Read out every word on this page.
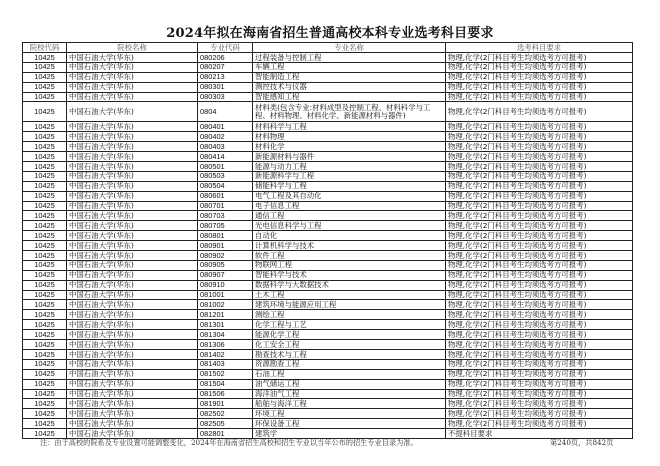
2024年拟在海南省招生普通高校本科专业选考科目要求
院校代码	院校名称	专业代码	专业名称	选考科目要求
10425	中国石油大学(华东)	080206	过程装备与控制工程	物理,化学(2门科目考生均须选考方可报考)
10425	中国石油大学(华东)	080207	车辆工程	物理,化学(2门科目考生均须选考方可报考)
10425	中国石油大学(华东)	080213	智能制造工程	物理,化学(2门科目考生均须选考方可报考)
10425	中国石油大学(华东)	080301	测控技术与仪器	物理,化学(2门科目考生均须选考方可报考)
10425	中国石油大学(华东)	080303	智能感知工程	物理,化学(2门科目考生均须选考方可报考)
10425	中国石油大学(华东)	0804	材料类(包含专业:材料成型及控制工程、材料科学与工程、材料物理、材料化学、新能源材料与器件)	物理,化学(2门科目考生均须选考方可报考)
10425	中国石油大学(华东)	080401	材料科学与工程	物理,化学(2门科目考生均须选考方可报考)
10425	中国石油大学(华东)	080402	材料物理	物理,化学(2门科目考生均须选考方可报考)
10425	中国石油大学(华东)	080403	材料化学	物理,化学(2门科目考生均须选考方可报考)
10425	中国石油大学(华东)	080414	新能源材料与器件	物理,化学(2门科目考生均须选考方可报考)
10425	中国石油大学(华东)	080501	能源与动力工程	物理,化学(2门科目考生均须选考方可报考)
10425	中国石油大学(华东)	080503	新能源科学与工程	物理,化学(2门科目考生均须选考方可报考)
10425	中国石油大学(华东)	080504	储能科学与工程	物理,化学(2门科目考生均须选考方可报考)
10425	中国石油大学(华东)	080601	电气工程及其自动化	物理,化学(2门科目考生均须选考方可报考)
10425	中国石油大学(华东)	080701	电子信息工程	物理,化学(2门科目考生均须选考方可报考)
10425	中国石油大学(华东)	080703	通信工程	物理,化学(2门科目考生均须选考方可报考)
10425	中国石油大学(华东)	080705	光电信息科学与工程	物理,化学(2门科目考生均须选考方可报考)
10425	中国石油大学(华东)	080801	自动化	物理,化学(2门科目考生均须选考方可报考)
10425	中国石油大学(华东)	080901	计算机科学与技术	物理,化学(2门科目考生均须选考方可报考)
10425	中国石油大学(华东)	080902	软件工程	物理,化学(2门科目考生均须选考方可报考)
10425	中国石油大学(华东)	080905	物联网工程	物理,化学(2门科目考生均须选考方可报考)
10425	中国石油大学(华东)	080907	智能科学与技术	物理,化学(2门科目考生均须选考方可报考)
10425	中国石油大学(华东)	080910	数据科学与大数据技术	物理,化学(2门科目考生均须选考方可报考)
10425	中国石油大学(华东)	081001	土木工程	物理,化学(2门科目考生均须选考方可报考)
10425	中国石油大学(华东)	081002	建筑环境与能源应用工程	物理,化学(2门科目考生均须选考方可报考)
10425	中国石油大学(华东)	081201	测绘工程	物理,化学(2门科目考生均须选考方可报考)
10425	中国石油大学(华东)	081301	化学工程与工艺	物理,化学(2门科目考生均须选考方可报考)
10425	中国石油大学(华东)	081304	能源化学工程	物理,化学(2门科目考生均须选考方可报考)
10425	中国石油大学(华东)	081306	化工安全工程	物理,化学(2门科目考生均须选考方可报考)
10425	中国石油大学(华东)	081402	勘查技术与工程	物理,化学(2门科目考生均须选考方可报考)
10425	中国石油大学(华东)	081403	资源勘查工程	物理,化学(2门科目考生均须选考方可报考)
10425	中国石油大学(华东)	081502	石油工程	物理,化学(2门科目考生均须选考方可报考)
10425	中国石油大学(华东)	081504	油气储运工程	物理,化学(2门科目考生均须选考方可报考)
10425	中国石油大学(华东)	081506	海洋油气工程	物理,化学(2门科目考生均须选考方可报考)
10425	中国石油大学(华东)	081901	船舶与海洋工程	物理,化学(2门科目考生均须选考方可报考)
10425	中国石油大学(华东)	082502	环境工程	物理,化学(2门科目考生均须选考方可报考)
10425	中国石油大学(华东)	082505	环保设备工程	物理,化学(2门科目考生均须选考方可报考)
10425	中国石油大学(华东)	082801	建筑学	不提科目要求
注：由于高校的院系及专业设置可能调整变化，2024年在海南省招生高校和招生专业以当年公布的招生专业目录为准。	第240页，共842页
